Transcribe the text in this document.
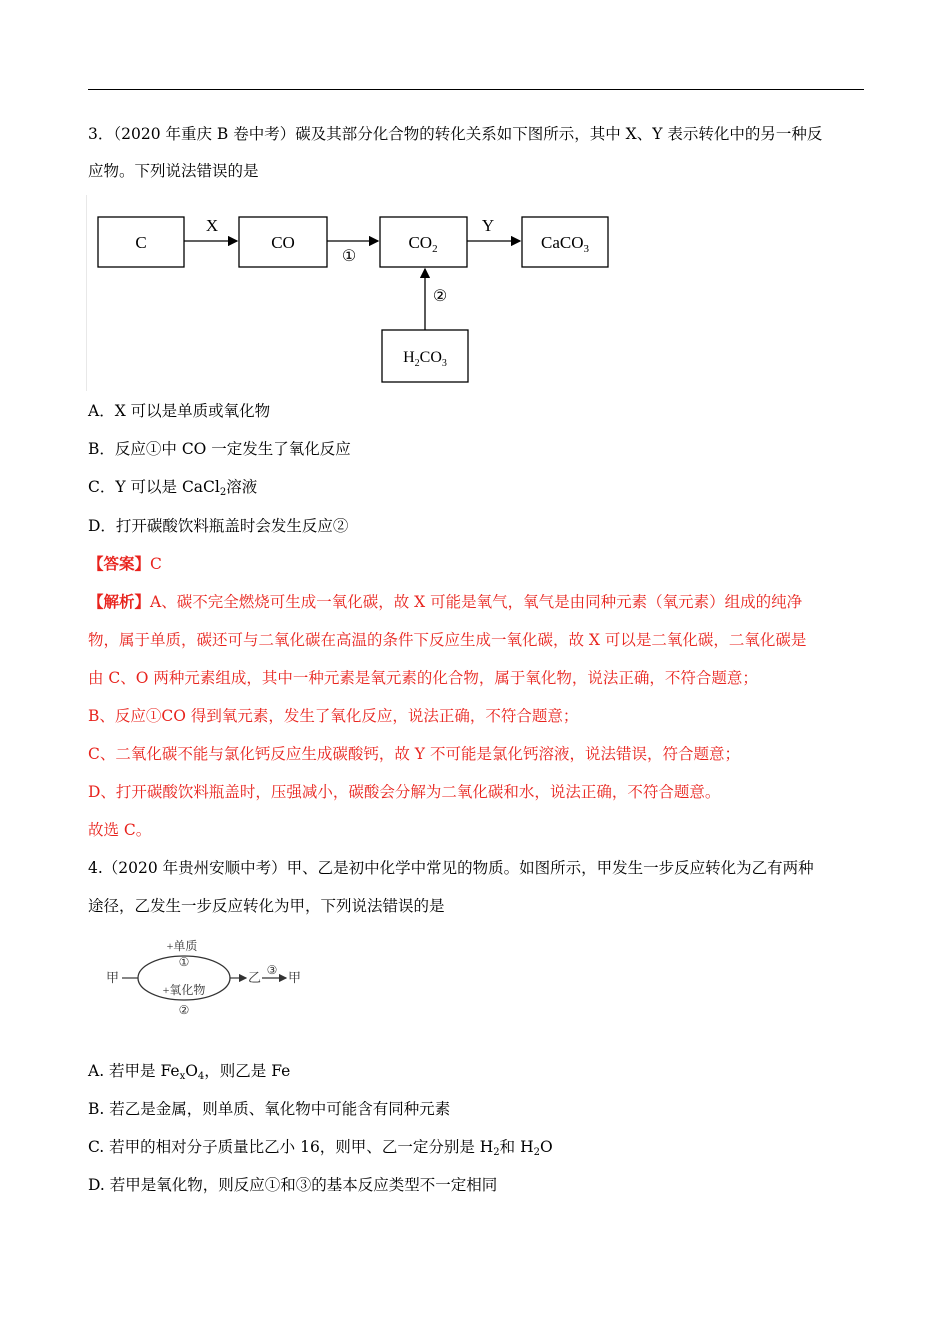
3．（2020 年重庆 B 卷中考）碳及其部分化合物的转化关系如下图所示，其中 X、Y 表示转化中的另一种反
应物。下列说法错误的是
C	CO	$CO_2$	CaCO$_3$
$H_2CO_3$
X
①
Y
②
A．X 可以是单质或氧化物
B．反应①中 CO 一定发生了氧化反应
C．Y 可以是 CaCl$_2$溶液
D．打开碳酸饮料瓶盖时会发生反应②
【答案】C
【解析】A、碳不完全燃烧可生成一氧化碳，故 X 可能是氧气，氧气是由同种元素（氧元素）组成的纯净
物，属于单质，碳还可与二氧化碳在高温的条件下反应生成一氧化碳，故 X 可以是二氧化碳，二氧化碳是
由 C、O 两种元素组成，其中一种元素是氧元素的化合物，属于氧化物，说法正确，不符合题意；
B、反应①CO 得到氧元素，发生了氧化反应，说法正确，不符合题意；
C、二氧化碳不能与氯化钙反应生成碳酸钙，故 Y 不可能是氯化钙溶液，说法错误，符合题意；
D、打开碳酸饮料瓶盖时，压强减小，碳酸会分解为二氧化碳和水，说法正确，不符合题意。
故选 C。
4.（2020 年贵州安顺中考）甲、乙是初中化学中常见的物质。如图所示，甲发生一步反应转化为乙有两种
途径，乙发生一步反应转化为甲，下列说法错误的是
甲
+单质
①
+氧化物
②
乙 ③ 甲
A. 若甲是 $Fe_xO_4$，则乙是 Fe
B. 若乙是金属，则单质、氧化物中可能含有同种元素
C. 若甲的相对分子质量比乙小 16，则甲、乙一定分别是 $H_2$和 $H_2O$
D. 若甲是氧化物，则反应①和③的基本反应类型不一定相同
